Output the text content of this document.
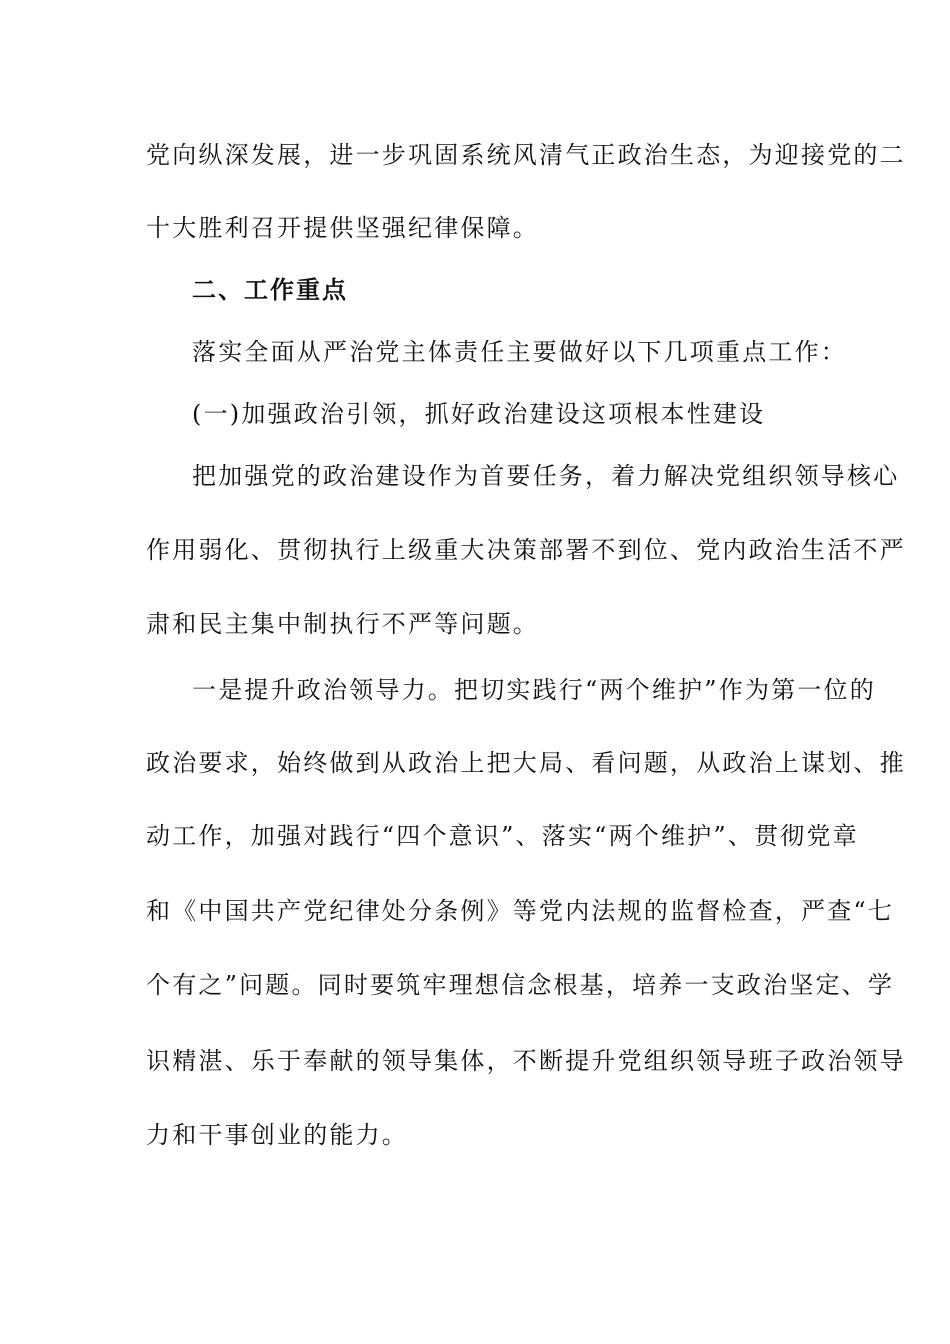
党向纵深发展，进一步巩固系统风清气正政治生态，为迎接党的二
十大胜利召开提供坚强纪律保障。
二、工作重点
落实全面从严治党主体责任主要做好以下几项重点工作：
(一)加强政治引领，抓好政治建设这项根本性建设
把加强党的政治建设作为首要任务，着力解决党组织领导核心
作用弱化、贯彻执行上级重大决策部署不到位、党内政治生活不严
肃和民主集中制执行不严等问题。
一是提升政治领导力。把切实践行“两个维护”作为第一位的
政治要求，始终做到从政治上把大局、看问题，从政治上谋划、推
动工作，加强对践行“四个意识”、落实“两个维护”、贯彻党章
和《中国共产党纪律处分条例》等党内法规的监督检查，严查“七
个有之”问题。同时要筑牢理想信念根基，培养一支政治坚定、学
识精湛、乐于奉献的领导集体，不断提升党组织领导班子政治领导
力和干事创业的能力。
